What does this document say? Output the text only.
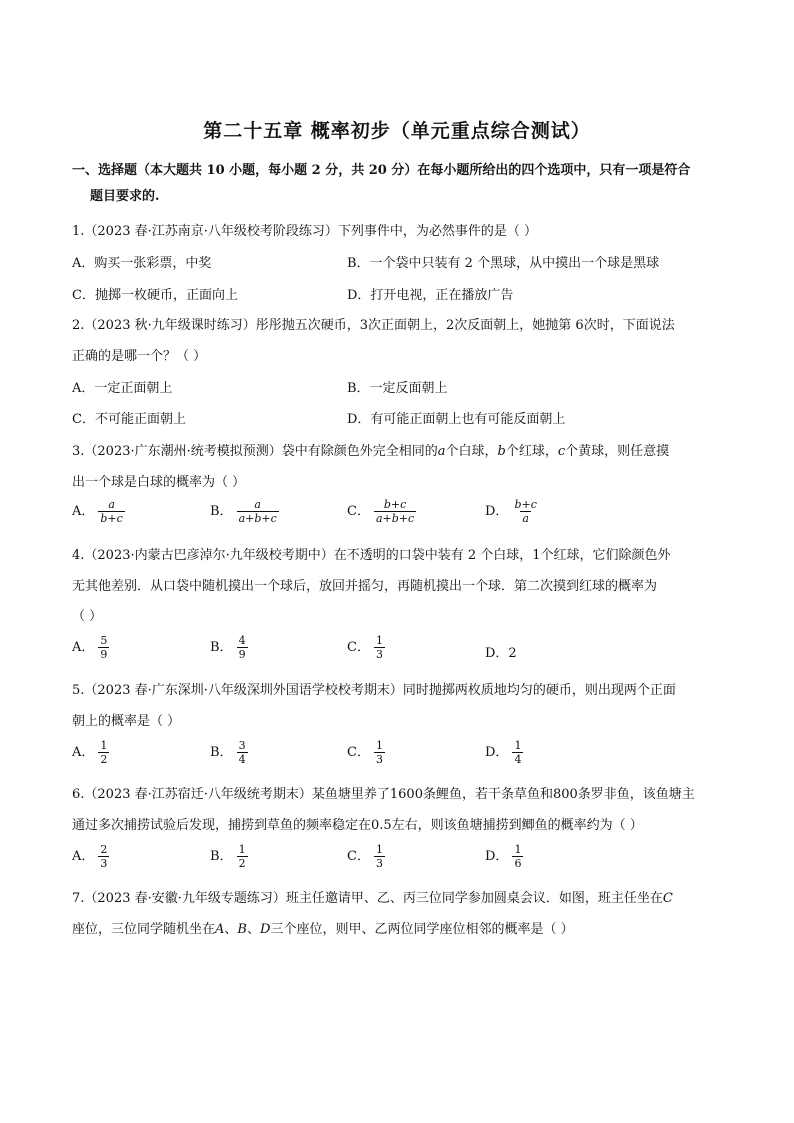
第二十五章 概率初步（单元重点综合测试）
一、选择题（本大题共 10 小题，每小题 2 分，共 20 分）在每小题所给出的四个选项中，只有一项是符合
题目要求的.
1.（2023 春·江苏南京·八年级校考阶段练习）下列事件中，为必然事件的是（ ）
A．购买一张彩票，中奖	B．一个袋中只装有 2 个黑球，从中摸出一个球是黑球
C．抛掷一枚硬币，正面向上	D．打开电视，正在播放广告
2.（2023 秋·九年级课时练习）彤彤抛五次硬币，3次正面朝上，2次反面朝上，她抛第 6次时，下面说法
正确的是哪一个？（ ）
A．一定正面朝上	B．一定反面朝上
C．不可能正面朝上	D．有可能正面朝上也有可能反面朝上
3.（2023·广东潮州·统考模拟预测）袋中有除颜色外完全相同的a个白球，b个红球，c个黄球，则任意摸
出一个球是白球的概率为（ ）
A． $\frac{a}{b+c}$	B． $\frac{a}{a+b+c}$	C． $\frac{b+c}{a+b+c}$	D． $\frac{b+c}{a}$
4.（2023·内蒙古巴彦淖尔·九年级校考期中）在不透明的口袋中装有 2 个白球，1个红球，它们除颜色外
无其他差别．从口袋中随机摸出一个球后，放回并摇匀，再随机摸出一个球．第二次摸到红球的概率为
（ ）
A． $\frac{5}{9}$	B． $\frac{4}{9}$	C． $\frac{1}{3}$	D．2
5.（2023 春·广东深圳·八年级深圳外国语学校校考期末）同时抛掷两枚质地均匀的硬币，则出现两个正面
朝上的概率是（ ）
A． $\frac{1}{2}$	B． $\frac{3}{4}$	C． $\frac{1}{3}$	D． $\frac{1}{4}$
6.（2023 春·江苏宿迁·八年级统考期末）某鱼塘里养了1600条鲤鱼，若干条草鱼和800条罗非鱼，该鱼塘主
通过多次捕捞试验后发现，捕捞到草鱼的频率稳定在0.5左右，则该鱼塘捕捞到鲫鱼的概率约为（ ）
A． $\frac{2}{3}$	B． $\frac{1}{2}$	C． $\frac{1}{3}$	D． $\frac{1}{6}$
7.（2023 春·安徽·九年级专题练习）班主任邀请甲、乙、丙三位同学参加圆桌会议．如图，班主任坐在C
座位，三位同学随机坐在A、B、D三个座位，则甲、乙两位同学座位相邻的概率是（ ）
